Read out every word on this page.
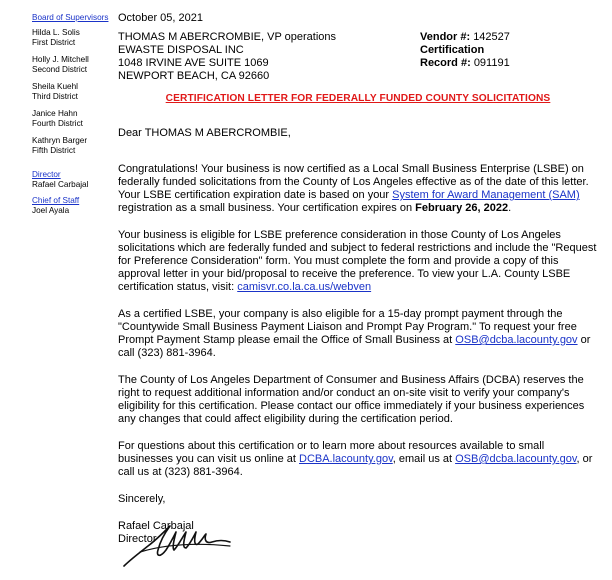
Board of Supervisors
Hilda L. Solis
First District
Holly J. Mitchell
Second District
Sheila Kuehl
Third District
Janice Hahn
Fourth District
Kathryn Barger
Fifth District
Director
Rafael Carbajal
Chief of Staff
Joel Ayala
October 05, 2021
THOMAS M ABERCROMBIE, VP operations
EWASTE DISPOSAL INC
1048 IRVINE AVE SUITE 1069
NEWPORT BEACH, CA 92660
Vendor #: 142527
Certification
Record #: 091191
CERTIFICATION LETTER FOR FEDERALLY FUNDED COUNTY SOLICITATIONS
Dear THOMAS M ABERCROMBIE,

Congratulations! Your business is now certified as a Local Small Business Enterprise (LSBE) on federally funded solicitations from the County of Los Angeles effective as of the date of this letter. Your LSBE certification expiration date is based on your System for Award Management (SAM) registration as a small business. Your certification expires on February 26, 2022.

Your business is eligible for LSBE preference consideration in those County of Los Angeles solicitations which are federally funded and subject to federal restrictions and include the "Request for Preference Consideration" form. You must complete the form and provide a copy of this approval letter in your bid/proposal to receive the preference. To view your L.A. County LSBE certification status, visit: camisvr.co.la.ca.us/webven

As a certified LSBE, your company is also eligible for a 15-day prompt payment through the "Countywide Small Business Payment Liaison and Prompt Pay Program." To request your free Prompt Payment Stamp please email the Office of Small Business at OSB@dcba.lacounty.gov or call (323) 881-3964.

The County of Los Angeles Department of Consumer and Business Affairs (DCBA) reserves the right to request additional information and/or conduct an on-site visit to verify your company's eligibility for this certification. Please contact our office immediately if your business experiences any changes that could affect eligibility during the certification period.

For questions about this certification or to learn more about resources available to small businesses you can visit us online at DCBA.lacounty.gov, email us at OSB@dcba.lacounty.gov, or call us at (323) 881-3964.

Sincerely,
Rafael Carbajal
Director
